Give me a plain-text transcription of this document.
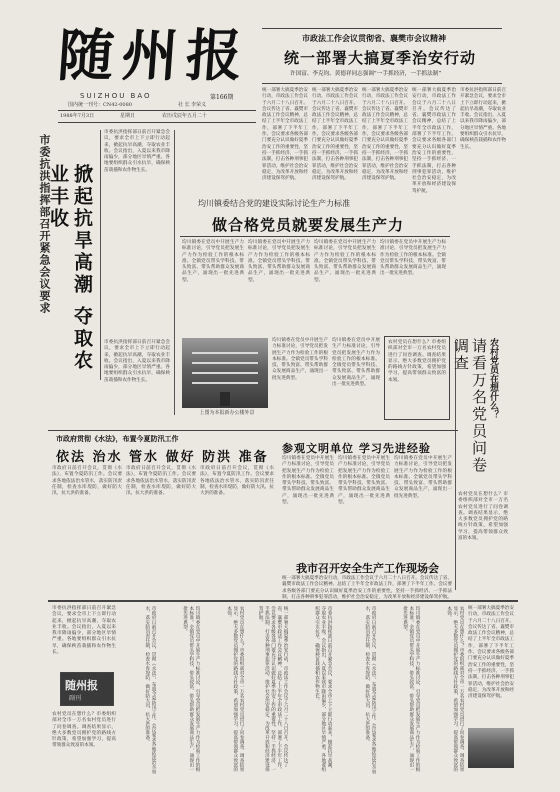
随州报
SUIZHOU BAO	第166期
国内统一刊号：CN42-0080	社 长 李荣义
1988年7月3日	星期日	农历戊辰年五月二十
市政法工作会议贯彻省、襄樊市会议精神
统一部署大搞夏季治安行动
许国富、李克钧、黄德祥同志强调“一手抓经济，一手抓法制”
统一部署大搞夏季治安行动，市政法工作会议于六月二十八日召开。会议传达了省、襄樊市政法工作会议精神，总结了上半年全市政法工作，部署了下半年工作。会议要求各级各部门要充分认识做好夏季治安工作的重要性，坚持一手抓经济、一手抓法制，打击各种刑事犯罪活动，维护社会治安稳定，为改革开放和经济建设保驾护航。
统一部署大搞夏季治安行动，市政法工作会议于六月二十八日召开。会议传达了省、襄樊市政法工作会议精神，总结了上半年全市政法工作，部署了下半年工作。会议要求各级各部门要充分认识做好夏季治安工作的重要性，坚持一手抓经济、一手抓法制，打击各种刑事犯罪活动，维护社会治安稳定，为改革开放和经济建设保驾护航。
统一部署大搞夏季治安行动，市政法工作会议于六月二十八日召开。会议传达了省、襄樊市政法工作会议精神，总结了上半年全市政法工作，部署了下半年工作。会议要求各级各部门要充分认识做好夏季治安工作的重要性，坚持一手抓经济、一手抓法制，打击各种刑事犯罪活动，维护社会治安稳定，为改革开放和经济建设保驾护航。
统一部署大搞夏季治安行动，市政法工作会议于六月二十八日召开。会议传达了省、襄樊市政法工作会议精神，总结了上半年全市政法工作，部署了下半年工作。会议要求各级各部门要充分认识做好夏季治安工作的重要性，坚持一手抓经济、一手抓法制，打击各种刑事犯罪活动，维护社会治安稳定，为改革开放和经济建设保驾护航。
市委抗洪指挥部日前召开紧急会议，要求全市上下立即行动起来，掀起抗旱高潮，夺取农业丰收。会议指出，入夏以来我市降雨偏少，部分地区旱情严重。各地要组织群众引水抗旱，确保秧苗栽插和农作物生长。
市委抗洪指挥部召开紧急会议要求	掀起抗旱高潮 夺取农业丰收
市委抗洪指挥部日前召开紧急会议，要求全市上下立即行动起来，掀起抗旱高潮，夺取农业丰收。会议指出，入夏以来我市降雨偏少，部分地区旱情严重。各地要组织群众引水抗旱，确保秧苗栽插和农作物生长。
市委抗洪指挥部日前召开紧急会议，要求全市上下立即行动起来，掀起抗旱高潮，夺取农业丰收。会议指出，入夏以来我市降雨偏少，部分地区旱情严重。各地要组织群众引水抗旱，确保秧苗栽插和农作物生长。
均川镇委结合党的建设实际讨论生产力标准
做合格党员就要发展生产力
均川镇委在党员中开展生产力标准讨论，引导党员把发展生产力作为检验工作的根本标准。全镇党员带头学科技、带头致富、带头帮助群众发展商品生产，涌现出一批先进典型。
均川镇委在党员中开展生产力标准讨论，引导党员把发展生产力作为检验工作的根本标准。全镇党员带头学科技、带头致富、带头帮助群众发展商品生产，涌现出一批先进典型。
均川镇委在党员中开展生产力标准讨论，引导党员把发展生产力作为检验工作的根本标准。全镇党员带头学科技、带头致富、带头帮助群众发展商品生产，涌现出一批先进典型。
均川镇委在党员中开展生产力标准讨论，引导党员把发展生产力作为检验工作的根本标准。全镇党员带头学科技、带头致富、带头帮助群众发展商品生产，涌现出一批先进典型。
上图为本报新办公楼外景
均川镇委在党员中开展生产力标准讨论，引导党员把发展生产力作为检验工作的根本标准。全镇党员带头学科技、带头致富、带头帮助群众发展商品生产，涌现出一批先进典型。
均川镇委在党员中开展生产力标准讨论，引导党员把发展生产力作为检验工作的根本标准。全镇党员带头学科技、带头致富、带头帮助群众发展商品生产，涌现出一批先进典型。
农村党员在想什么？市委组织部对全市一万名农村党员进行了问卷调查。调查结果显示，绝大多数党员拥护党的路线方针政策，希望加强学习，提高带领群众致富的本领。	农村党员在想什么？
请看万名党员问卷调查
农村党员在想什么？市委组织部对全市一万名农村党员进行了问卷调查。调查结果显示，绝大多数党员拥护党的路线方针政策，希望加强学习，提高带领群众致富的本领。
市政府贯彻《水法》，布置今夏防汛工作
依法 治水 管水 做好 防洪 准备
市政府日前召开会议，贯彻《水法》，布置今夏防汛工作。会议要求各地依法治水管水，落实防汛责任制，检查水库堤防，做好防大汛、抗大洪的准备。
市政府日前召开会议，贯彻《水法》，布置今夏防汛工作。会议要求各地依法治水管水，落实防汛责任制，检查水库堤防，做好防大汛、抗大洪的准备。
市政府日前召开会议，贯彻《水法》，布置今夏防汛工作。会议要求各地依法治水管水，落实防汛责任制，检查水库堤防，做好防大汛、抗大洪的准备。
参观文明单位 学习先进经验
均川镇委在党员中开展生产力标准讨论，引导党员把发展生产力作为检验工作的根本标准。全镇党员带头学科技、带头致富、带头帮助群众发展商品生产，涌现出一批先进典型。
均川镇委在党员中开展生产力标准讨论，引导党员把发展生产力作为检验工作的根本标准。全镇党员带头学科技、带头致富、带头帮助群众发展商品生产，涌现出一批先进典型。
均川镇委在党员中开展生产力标准讨论，引导党员把发展生产力作为检验工作的根本标准。全镇党员带头学科技、带头致富、带头帮助群众发展商品生产，涌现出一批先进典型。
我市召开安全生产工作现场会
统一部署大搞夏季治安行动，市政法工作会议于六月二十八日召开。会议传达了省、襄樊市政法工作会议精神，总结了上半年全市政法工作，部署了下半年工作。会议要求各级各部门要充分认识做好夏季治安工作的重要性，坚持一手抓经济、一手抓法制，打击各种刑事犯罪活动，维护社会治安稳定，为改革开放和经济建设保驾护航。
市委抗洪指挥部日前召开紧急会议，要求全市上下立即行动起来，掀起抗旱高潮，夺取农业丰收。会议指出，入夏以来我市降雨偏少，部分地区旱情严重。各地要组织群众引水抗旱，确保秧苗栽插和农作物生长。	市政府日前召开会议，贯彻《水法》，布置今夏防汛工作。会议要求各地依法治水管水，落实防汛责任制，检查水库堤防，做好防大汛、抗大洪的准备。	均川镇委在党员中开展生产力标准讨论，引导党员把发展生产力作为检验工作的根本标准。全镇党员带头学科技、带头致富、带头帮助群众发展商品生产，涌现出一批先进典型。	农村党员在想什么？市委组织部对全市一万名农村党员进行了问卷调查。调查结果显示，绝大多数党员拥护党的路线方针政策，希望加强学习，提高带领群众致富的本领。	统一部署大搞夏季治安行动，市政法工作会议于六月二十八日召开。会议传达了省、襄樊市政法工作会议精神，总结了上半年全市政法工作，部署了下半年工作。会议要求各级各部门要充分认识做好夏季治安工作的重要性，坚持一手抓经济、一手抓法制，打击各种刑事犯罪活动，维护社会治安稳定，为改革开放和经济建设保驾护航。	市委抗洪指挥部日前召开紧急会议，要求全市上下立即行动起来，掀起抗旱高潮，夺取农业丰收。会议指出，入夏以来我市降雨偏少，部分地区旱情严重。各地要组织群众引水抗旱，确保秧苗栽插和农作物生长。	市政府日前召开会议，贯彻《水法》，布置今夏防汛工作。会议要求各地依法治水管水，落实防汛责任制，检查水库堤防，做好防大汛、抗大洪的准备。	均川镇委在党员中开展生产力标准讨论，引导党员把发展生产力作为检验工作的根本标准。全镇党员带头学科技、带头致富、带头帮助群众发展商品生产，涌现出一批先进典型。	农村党员在想什么？市委组织部对全市一万名农村党员进行了问卷调查。调查结果显示，绝大多数党员拥护党的路线方针政策，希望加强学习，提高带领群众致富的本领。	统一部署大搞夏季治安行动，市政法工作会议于六月二十八日召开。会议传达了省、襄樊市政法工作会议精神，总结了上半年全市政法工作，部署了下半年工作。会议要求各级各部门要充分认识做好夏季治安工作的重要性，坚持一手抓经济、一手抓法制，打击各种刑事犯罪活动，维护社会治安稳定，为改革开放和经济建设保驾护航。
随州报
副刊
农村党员在想什么？市委组织部对全市一万名农村党员进行了问卷调查。调查结果显示，绝大多数党员拥护党的路线方针政策，希望加强学习，提高带领群众致富的本领。
